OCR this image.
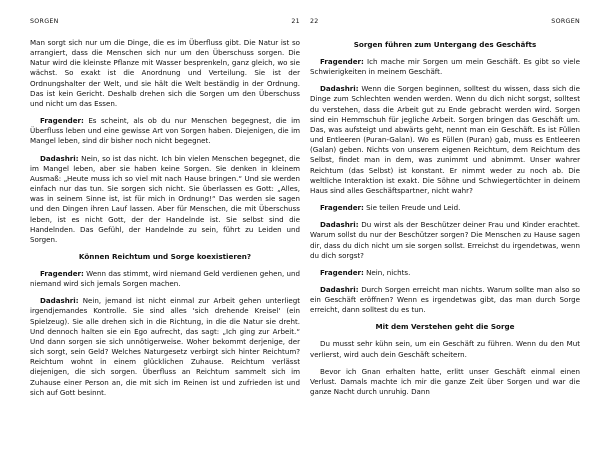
SORGEN	21

Man sorgt sich nur um die Dinge, die es im Überfluss gibt. Die Natur ist so arrangiert, dass die Menschen sich nur um den Überschuss sorgen. Die Natur wird die kleinste Pflanze mit Wasser besprenkeln, ganz gleich, wo sie wächst. So exakt ist die Anordnung und Verteilung. Sie ist der Ordnungshalter der Welt, und sie hält die Welt beständig in der Ordnung. Das ist kein Gericht. Deshalb drehen sich die Sorgen um den Überschuss und nicht um das Essen.

Fragender: Es scheint, als ob du nur Menschen begegnest, die im Überfluss leben und eine gewisse Art von Sorgen haben. Diejenigen, die im Mangel leben, sind dir bisher noch nicht begegnet.

Dadashri: Nein, so ist das nicht. Ich bin vielen Menschen begegnet, die im Mangel leben, aber sie haben keine Sorgen. Sie denken in kleinem Ausmaß: „Heute muss ich so viel mit nach Hause bringen.“ Und sie werden einfach nur das tun. Sie sorgen sich nicht. Sie überlassen es Gott: „Alles, was in seinem Sinne ist, ist für mich in Ordnung!“ Das werden sie sagen und den Dingen ihren Lauf lassen. Aber für Menschen, die mit Überschuss leben, ist es nicht Gott, der der Handelnde ist. Sie selbst sind die Handelnden. Das Gefühl, der Handelnde zu sein, führt zu Leiden und Sorgen.

Können Reichtum und Sorge koexistieren?

Fragender: Wenn das stimmt, wird niemand Geld verdienen gehen, und niemand wird sich jemals Sorgen machen.

Dadashri: Nein, jemand ist nicht einmal zur Arbeit gehen unterliegt irgendjemandes Kontrolle. Sie sind alles 'sich drehende Kreisel' (ein Spielzeug). Sie alle drehen sich in die Richtung, in die die Natur sie dreht. Und dennoch halten sie ein Ego aufrecht, das sagt: „Ich ging zur Arbeit.“ Und dann sorgen sie sich unnötigerweise. Woher bekommt derjenige, der sich sorgt, sein Geld? Welches Naturgesetz verbirgt sich hinter Reichtum? Reichtum wohnt in einem glücklichen Zuhause. Reichtum verlässt diejenigen, die sich sorgen. Überfluss an Reichtum sammelt sich im Zuhause einer Person an, die mit sich im Reinen ist und zufrieden ist und sich auf Gott besinnt.

22	SORGEN
Sorgen führen zum Untergang des Geschäfts

Fragender: Ich mache mir Sorgen um mein Geschäft. Es gibt so viele Schwierigkeiten in meinem Geschäft.

Dadashri: Wenn die Sorgen beginnen, solltest du wissen, dass sich die Dinge zum Schlechten wenden werden. Wenn du dich nicht sorgst, solltest du verstehen, dass die Arbeit gut zu Ende gebracht werden wird. Sorgen sind ein Hemmschuh für jegliche Arbeit. Sorgen bringen das Geschäft um. Das, was aufsteigt und abwärts geht, nennt man ein Geschäft. Es ist Füllen und Entleeren (Puran-Galan). Wo es Füllen (Puran) gab, muss es Entleeren (Galan) geben. Nichts von unserem eigenen Reichtum, dem Reichtum des Selbst, findet man in dem, was zunimmt und abnimmt. Unser wahrer Reichtum (das Selbst) ist konstant. Er nimmt weder zu noch ab. Die weltliche Interaktion ist exakt. Die Söhne und Schwiegertöchter in deinem Haus sind alles Geschäftspartner, nicht wahr?

Fragender: Sie teilen Freude und Leid.

Dadashri: Du wirst als der Beschützer deiner Frau und Kinder erachtet. Warum sollst du nur der Beschützer sorgen? Die Menschen zu Hause sagen dir, dass du dich nicht um sie sorgen sollst. Erreichst du irgendetwas, wenn du dich sorgst?

Fragender: Nein, nichts.

Dadashri: Durch Sorgen erreicht man nichts. Warum sollte man also so ein Geschäft eröffnen? Wenn es irgendetwas gibt, das man durch Sorge erreicht, dann solltest du es tun.

Mit dem Verstehen geht die Sorge

Du musst sehr kühn sein, um ein Geschäft zu führen. Wenn du den Mut verlierst, wird auch dein Geschäft scheitern.

Bevor ich Gnan erhalten hatte, erlitt unser Geschäft einmal einen Verlust. Damals machte ich mir die ganze Zeit über Sorgen und war die ganze Nacht durch unruhig. Dann
